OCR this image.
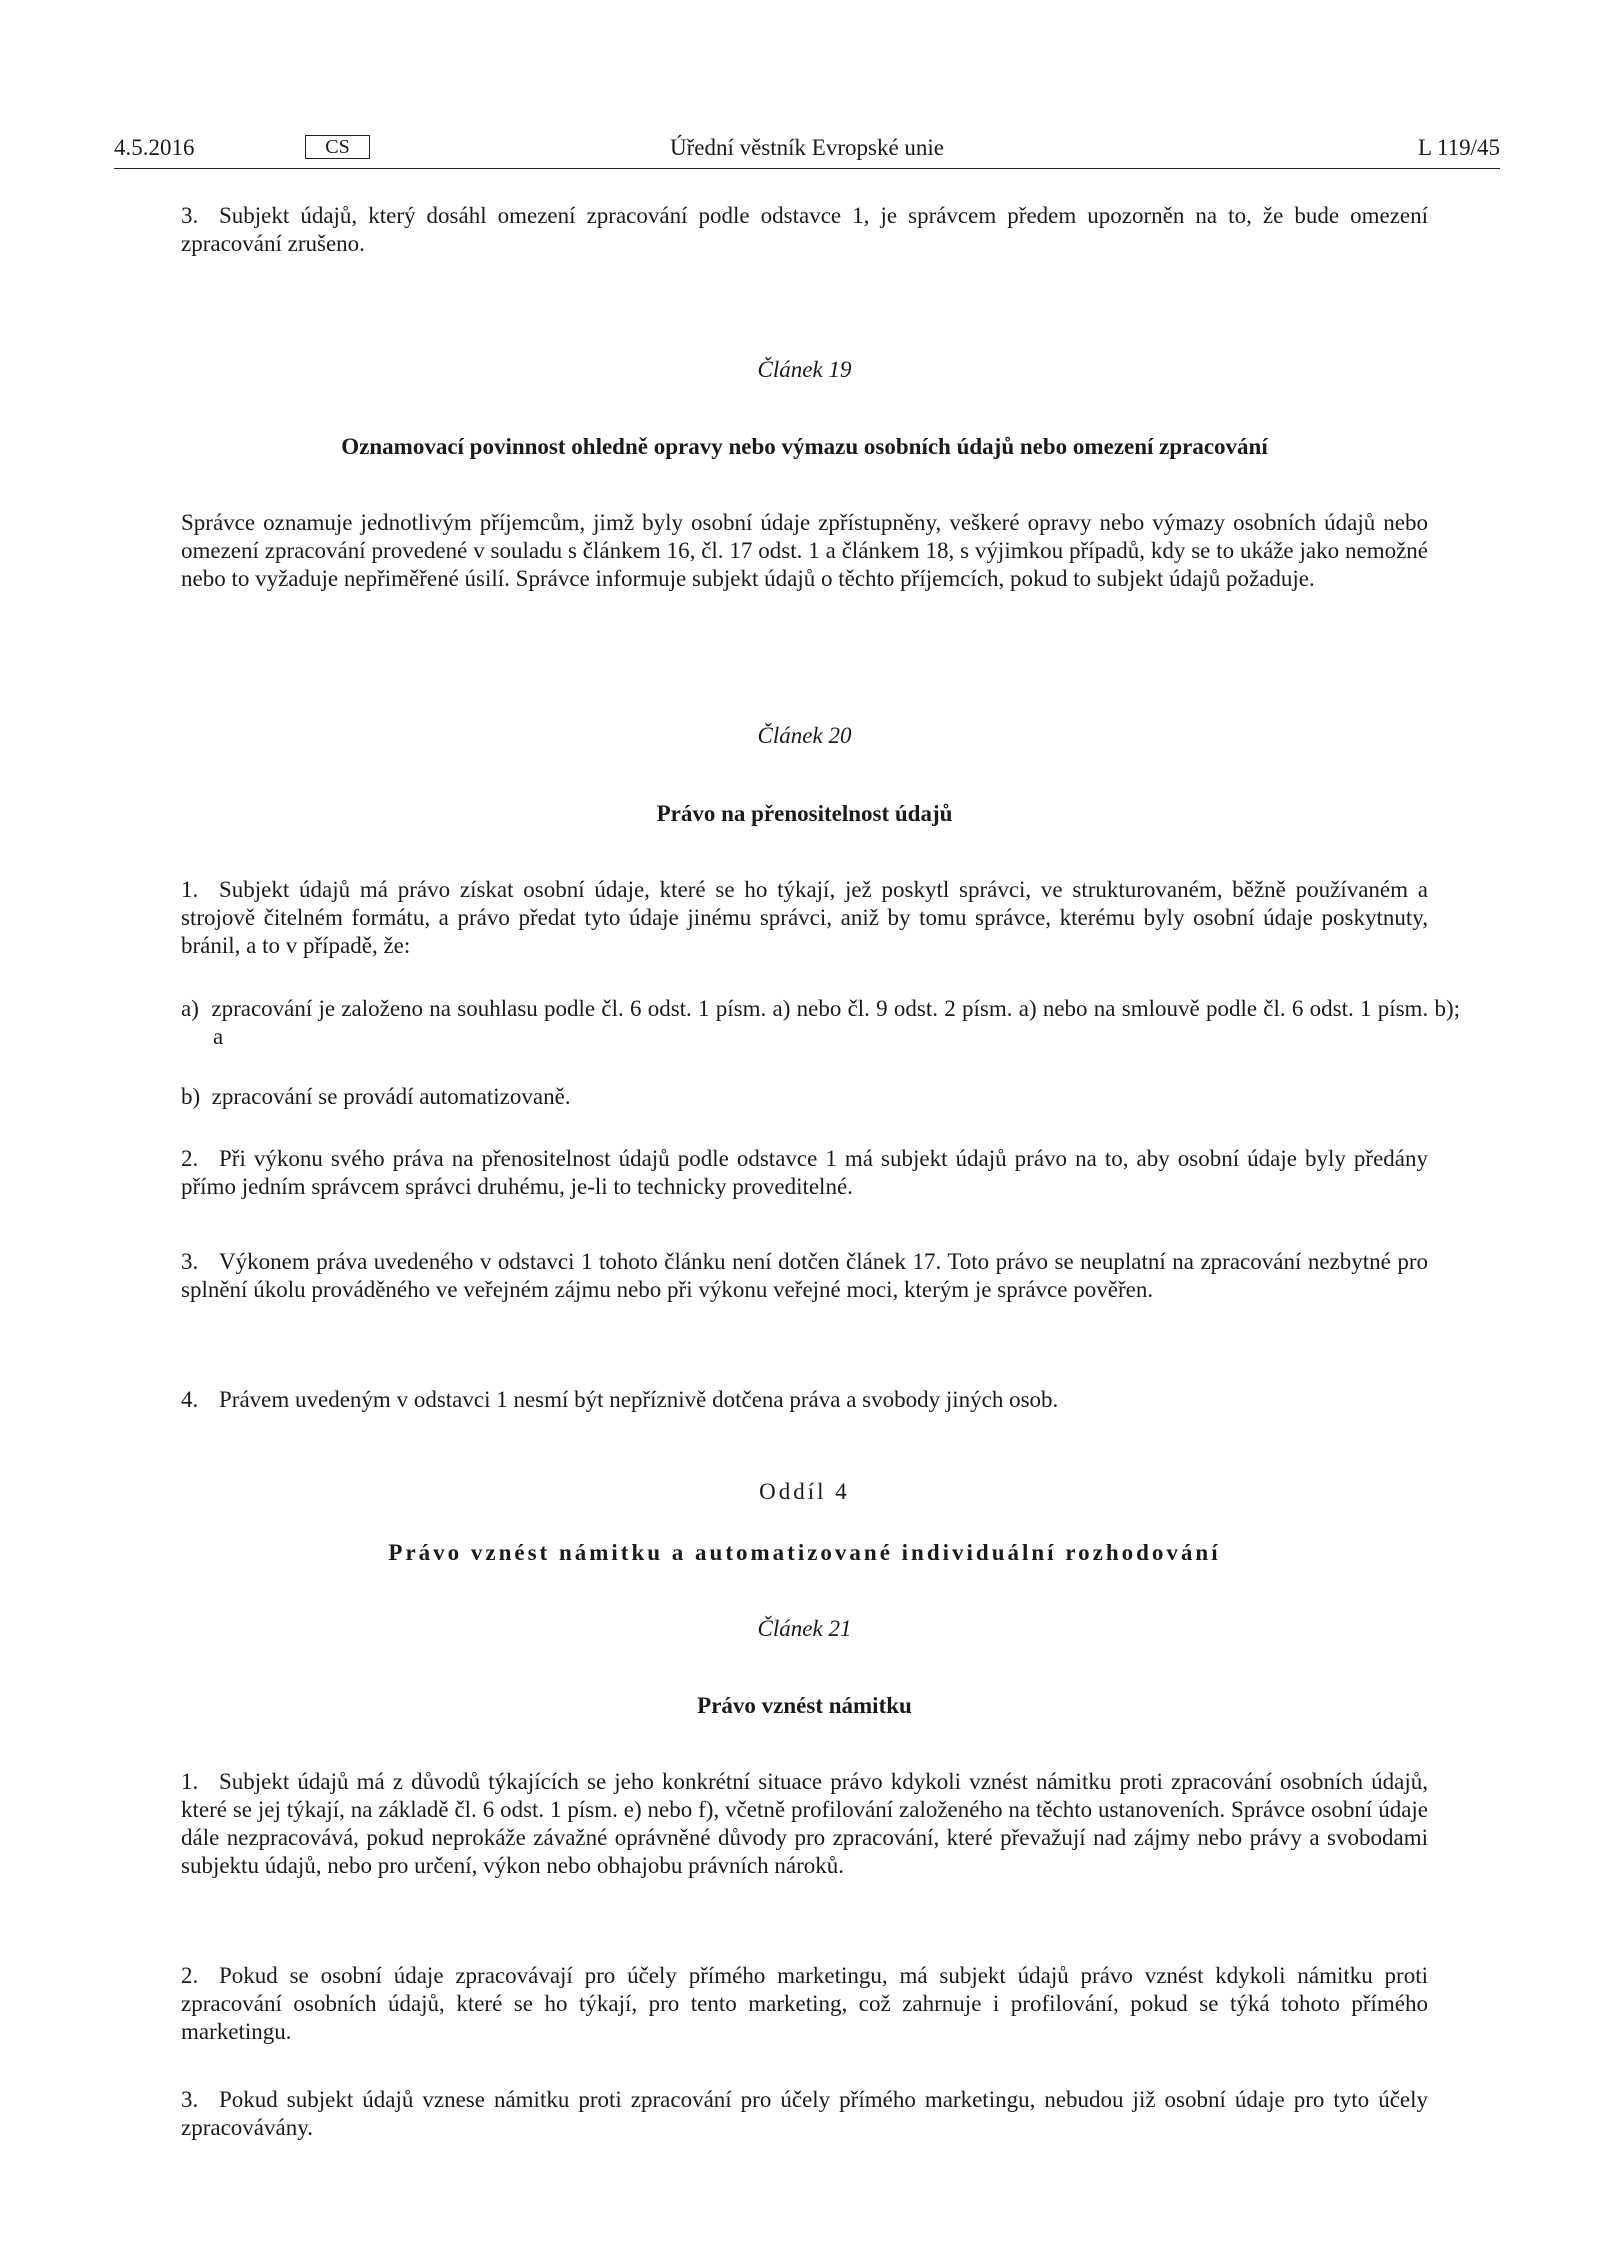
4.5.2016	Úřední věstník Evropské unie
CS	L 119/45

3. Subjekt údajů, který dosáhl omezení zpracování podle odstavce 1, je správcem předem upozorněn na to, že bude omezení zpracování zrušeno.

Článek 19

Oznamovací povinnost ohledně opravy nebo výmazu osobních údajů nebo omezení zpracování

Správce oznamuje jednotlivým příjemcům, jimž byly osobní údaje zpřístupněny, veškeré opravy nebo výmazy osobních údajů nebo omezení zpracování provedené v souladu s článkem 16, čl. 17 odst. 1 a článkem 18, s výjimkou případů, kdy se to ukáže jako nemožné nebo to vyžaduje nepřiměřené úsilí. Správce informuje subjekt údajů o těchto příjemcích, pokud to subjekt údajů požaduje.

Článek 20

Právo na přenositelnost údajů

1. Subjekt údajů má právo získat osobní údaje, které se ho týkají, jež poskytl správci, ve strukturovaném, běžně používaném a strojově čitelném formátu, a právo předat tyto údaje jinému správci, aniž by tomu správce, kterému byly osobní údaje poskytnuty, bránil, a to v případě, že:

a)  zpracování je založeno na souhlasu podle čl. 6 odst. 1 písm. a) nebo čl. 9 odst. 2 písm. a) nebo na smlouvě podle čl. 6 odst. 1 písm. b); a

b)  zpracování se provádí automatizovaně.

2. Při výkonu svého práva na přenositelnost údajů podle odstavce 1 má subjekt údajů právo na to, aby osobní údaje byly předány přímo jedním správcem správci druhému, je-li to technicky proveditelné.

3. Výkonem práva uvedeného v odstavci 1 tohoto článku není dotčen článek 17. Toto právo se neuplatní na zpracování nezbytné pro splnění úkolu prováděného ve veřejném zájmu nebo při výkonu veřejné moci, kterým je správce pověřen.

4. Právem uvedeným v odstavci 1 nesmí být nepříznivě dotčena práva a svobody jiných osob.

Oddíl 4

Právo vznést námitku a automatizované individuální rozhodování

Článek 21

Právo vznést námitku

1. Subjekt údajů má z důvodů týkajících se jeho konkrétní situace právo kdykoli vznést námitku proti zpracování osobních údajů, které se jej týkají, na základě čl. 6 odst. 1 písm. e) nebo f), včetně profilování založeného na těchto ustanoveních. Správce osobní údaje dále nezpracovává, pokud neprokáže závažné oprávněné důvody pro zpracování, které převažují nad zájmy nebo právy a svobodami subjektu údajů, nebo pro určení, výkon nebo obhajobu právních nároků.

2. Pokud se osobní údaje zpracovávají pro účely přímého marketingu, má subjekt údajů právo vznést kdykoli námitku proti zpracování osobních údajů, které se ho týkají, pro tento marketing, což zahrnuje i profilování, pokud se týká tohoto přímého marketingu.

3. Pokud subjekt údajů vznese námitku proti zpracování pro účely přímého marketingu, nebudou již osobní údaje pro tyto účely zpracovávány.
